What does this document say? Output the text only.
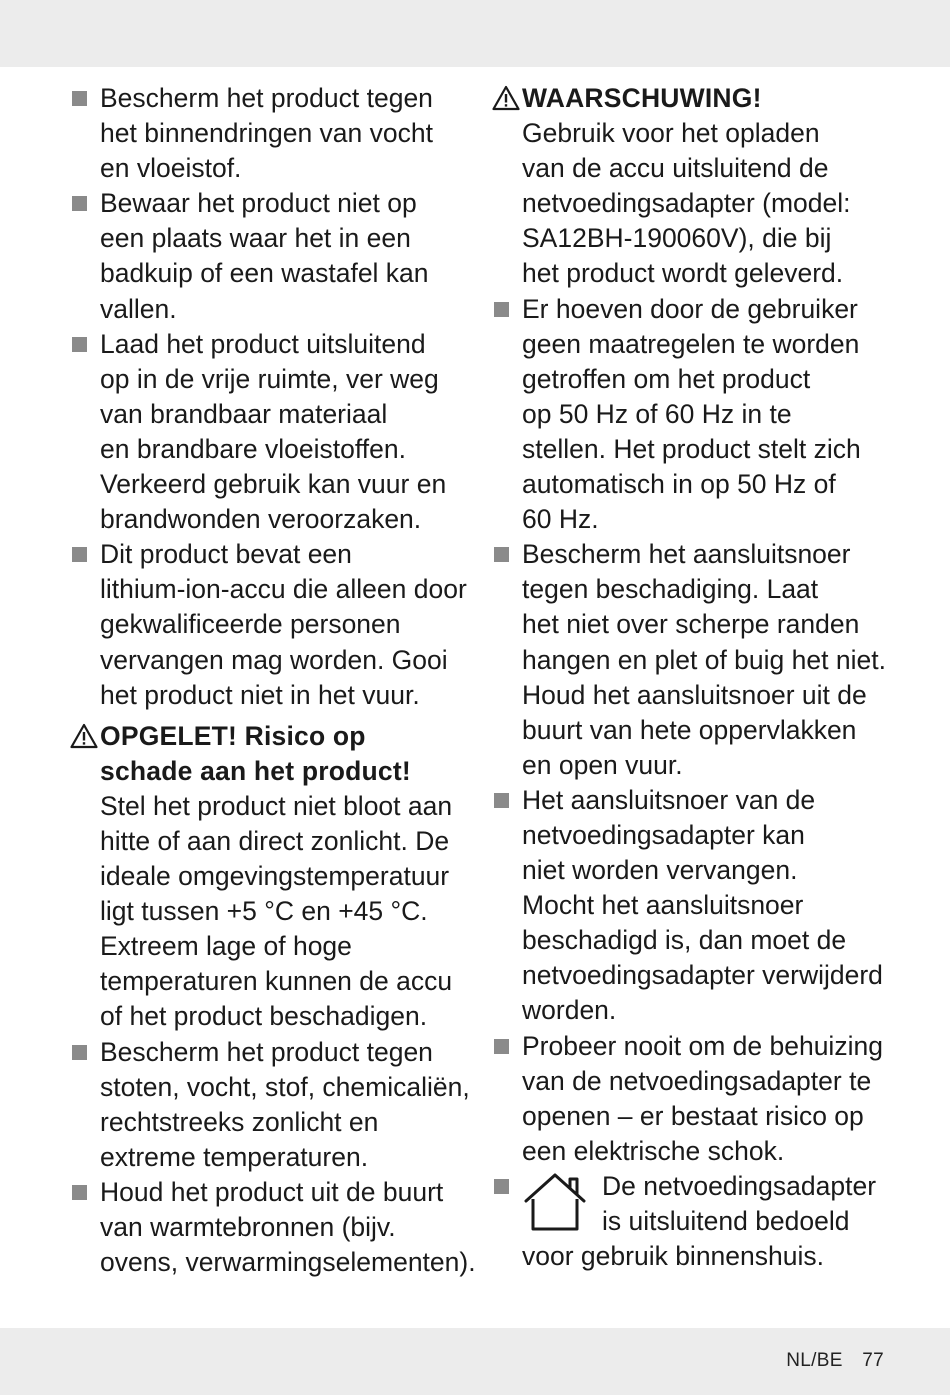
Bescherm het product tegen
het binnendringen van vocht
en vloeistof.
Bewaar het product niet op
een plaats waar het in een
badkuip of een wastafel kan
vallen.
Laad het product uitsluitend
op in de vrije ruimte, ver weg
van brandbaar materiaal
en brandbare vloeistoffen.
Verkeerd gebruik kan vuur en
brandwonden veroorzaken.
Dit product bevat een
lithium-ion-accu die alleen door
gekwalificeerde personen
vervangen mag worden. Gooi
het product niet in het vuur.
OPGELET! Risico op
schade aan het product!
Stel het product niet bloot aan
hitte of aan direct zonlicht. De
ideale omgevingstemperatuur
ligt tussen +5 °C en +45 °C.
Extreem lage of hoge
temperaturen kunnen de accu
of het product beschadigen.
Bescherm het product tegen
stoten, vocht, stof, chemicaliën,
rechtstreeks zonlicht en
extreme temperaturen.
Houd het product uit de buurt
van warmtebronnen (bijv.
ovens, verwarmingselementen).
WAARSCHUWING!
Gebruik voor het opladen
van de accu uitsluitend de
netvoedingsadapter (model:
SA12BH-190060V), die bij
het product wordt geleverd.
Er hoeven door de gebruiker
geen maatregelen te worden
getroffen om het product
op 50 Hz of 60 Hz in te
stellen. Het product stelt zich
automatisch in op 50 Hz of
60 Hz.
Bescherm het aansluitsnoer
tegen beschadiging. Laat
het niet over scherpe randen
hangen en plet of buig het niet.
Houd het aansluitsnoer uit de
buurt van hete oppervlakken
en open vuur.
Het aansluitsnoer van de
netvoedingsadapter kan
niet worden vervangen.
Mocht het aansluitsnoer
beschadigd is, dan moet de
netvoedingsadapter verwijderd
worden.
Probeer nooit om de behuizing
van de netvoedingsadapter te
openen – er bestaat risico op
een elektrische schok.
De netvoedingsadapter
is uitsluitend bedoeld
voor gebruik binnenshuis.
NL/BE 77
